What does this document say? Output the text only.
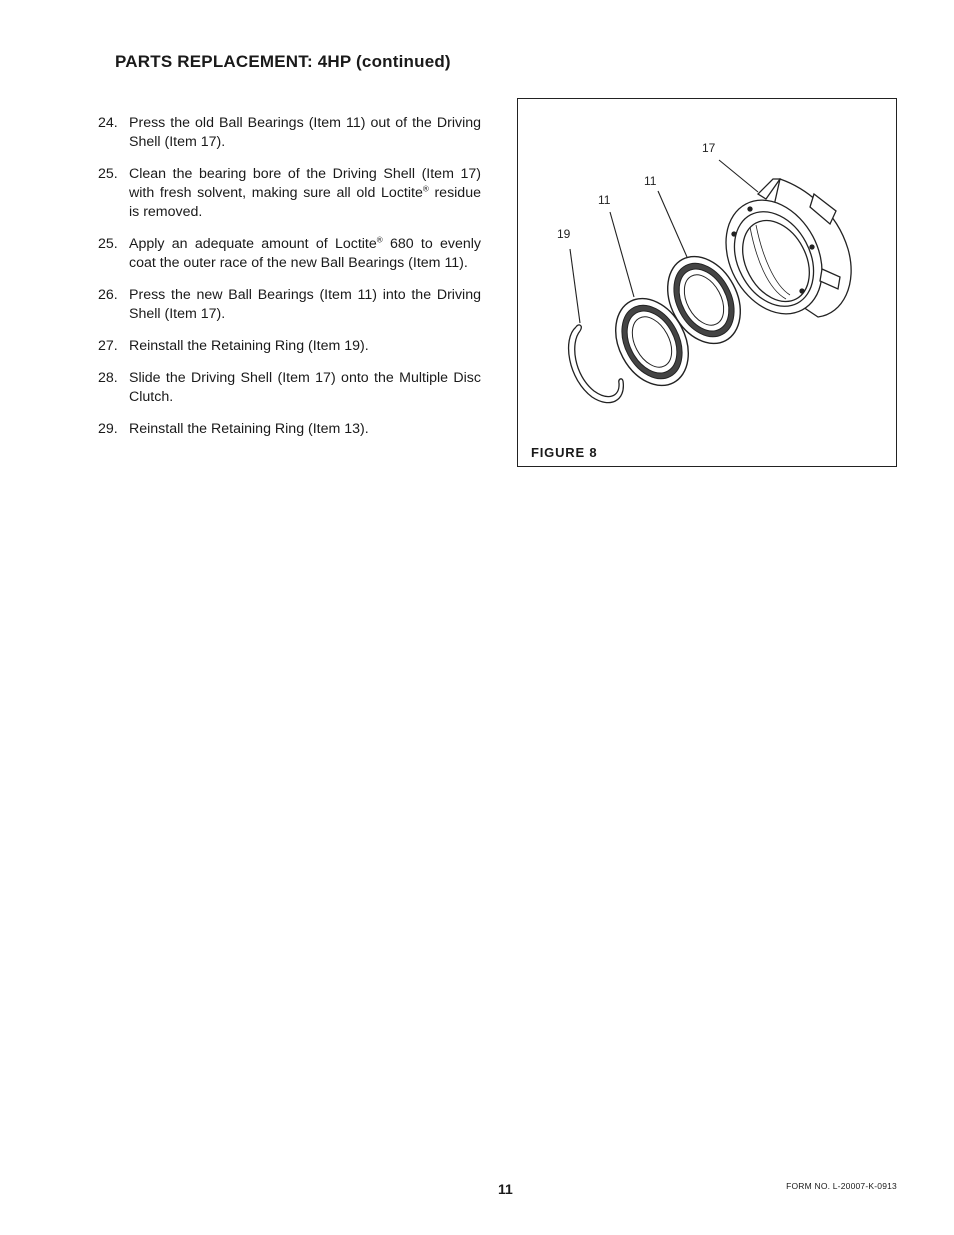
PARTS REPLACEMENT: 4HP (continued)
24. Press the old Ball Bearings (Item 11) out of the Driving Shell (Item 17).
25. Clean the bearing bore of the Driving Shell (Item 17) with fresh solvent, making sure all old Loctite® residue is removed.
25. Apply an adequate amount of Loctite® 680 to evenly coat the outer race of the new Ball Bearings (Item 11).
26. Press the new Ball Bearings (Item 11) into the Driving Shell (Item 17).
27. Reinstall the Retaining Ring (Item 19).
28. Slide the Driving Shell (Item 17) onto the Multiple Disc Clutch.
29. Reinstall the Retaining Ring (Item 13).
17
11
11
19
FIGURE 8
11	FORM NO. L-20007-K-0913
